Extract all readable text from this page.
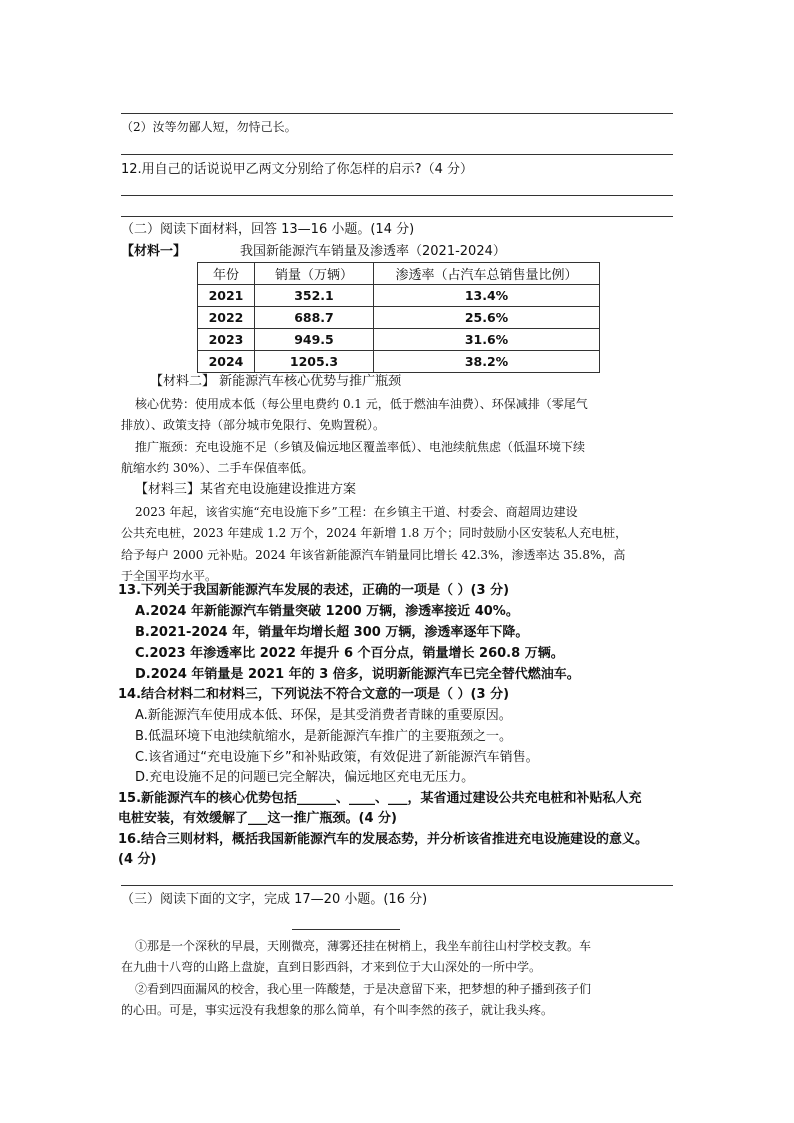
（2）汝等勿鄙人短，勿恃己长。
12.用自己的话说说甲乙两文分别给了你怎样的启示?（4 分）
（二）阅读下面材料，回答 13—16 小题。(14 分)
【材料一】	我国新能源汽车销量及渗透率（2021-2024）
年份	销量（万辆）	渗透率（占汽车总销售量比例）
2021	352.1	13.4%
2022	688.7	25.6%
2023	949.5	31.6%
2024	1205.3	38.2%
【材料二】 新能源汽车核心优势与推广瓶颈
核心优势：使用成本低（每公里电费约 0.1 元，低于燃油车油费）、环保减排（零尾气
排放）、政策支持（部分城市免限行、免购置税）。
推广瓶颈：充电设施不足（乡镇及偏远地区覆盖率低）、电池续航焦虑（低温环境下续
航缩水约 30%）、二手车保值率低。
【材料三】某省充电设施建设推进方案
2023 年起，该省实施“充电设施下乡”工程：在乡镇主干道、村委会、商超周边建设
公共充电桩，2023 年建成 1.2 万个，2024 年新增 1.8 万个；同时鼓励小区安装私人充电桩，
给予每户 2000 元补贴。2024 年该省新能源汽车销量同比增长 42.3%，渗透率达 35.8%，高
于全国平均水平。
13.下列关于我国新能源汽车发展的表述，正确的一项是（ ）(3 分)
A.2024 年新能源汽车销量突破 1200 万辆，渗透率接近 40%。
B.2021-2024 年，销量年均增长超 300 万辆，渗透率逐年下降。
C.2023 年渗透率比 2022 年提升 6 个百分点，销量增长 260.8 万辆。
D.2024 年销量是 2021 年的 3 倍多，说明新能源汽车已完全替代燃油车。
14.结合材料二和材料三，下列说法不符合文意的一项是（ ）(3 分)
A.新能源汽车使用成本低、环保，是其受消费者青睐的重要原因。
B.低温环境下电池续航缩水，是新能源汽车推广的主要瓶颈之一。
C.该省通过“充电设施下乡”和补贴政策，有效促进了新能源汽车销售。
D.充电设施不足的问题已完全解决，偏远地区充电无压力。
15.新能源汽车的核心优势包括______、____、___，某省通过建设公共充电桩和补贴私人充
电桩安装，有效缓解了___这一推广瓶颈。(4 分)
16.结合三则材料，概括我国新能源汽车的发展态势，并分析该省推进充电设施建设的意义。
(4 分)
（三）阅读下面的文字，完成 17—20 小题。(16 分)
①那是一个深秋的早晨，天刚微亮，薄雾还挂在树梢上，我坐车前往山村学校支教。车
在九曲十八弯的山路上盘旋，直到日影西斜，才来到位于大山深处的一所中学。
②看到四面漏风的校舍，我心里一阵酸楚，于是决意留下来，把梦想的种子播到孩子们
的心田。可是，事实远没有我想象的那么简单，有个叫李然的孩子，就让我头疼。
